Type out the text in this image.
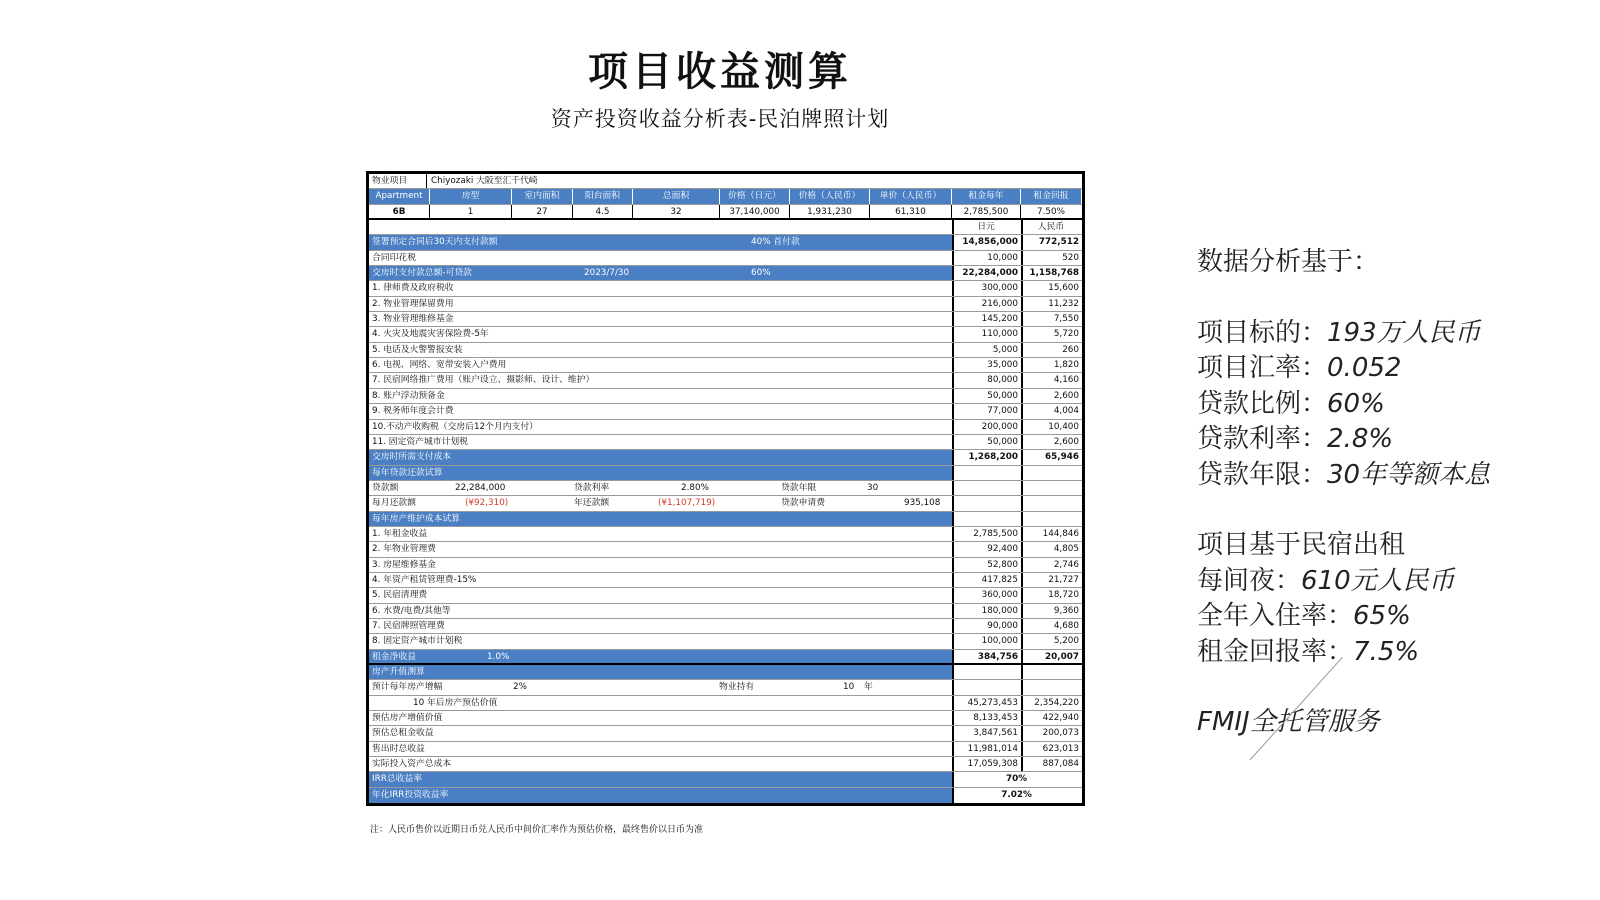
项目收益测算
资产投资收益分析表-民泊牌照计划
物业项目	Chiyozaki 大阪至汇千代崎
Apartment	房型	室内面积	阳台面积	总面积	价格（日元）	价格（人民币）	单价（人民币）	租金每年	租金回报
6B	1	27	4.5	32	37,140,000	1,931,230	61,310	2,785,500	7.50%
日元	人民币
签署预定合同后30天内支付款额	40% 首付款	14,856,000	772,512
合同印花税	10,000	520
交房时支付款总额-可贷款	2023/7/30	60%	22,284,000	1,158,768
1. 律师费及政府税收	300,000	15,600
2. 物业管理保留费用	216,000	11,232
3. 物业管理维修基金	145,200	7,550
4. 火灾及地震灾害保险费-5年	110,000	5,720
5. 电话及火警警报安装	5,000	260
6. 电视、网络、宽带安装入户费用	35,000	1,820
7. 民宿网络推广费用（账户设立、摄影师、设计、维护）	80,000	4,160
8. 账户浮动预备金	50,000	2,600
9. 税务师年度会计费	77,000	4,004
10.不动产收购税（交房后12个月内支付）	200,000	10,400
11. 固定资产城市计划税	50,000	2,600
交房时所需支付成本	1,268,200	65,946
每年贷款还款试算
贷款额	22,284,000	贷款利率	2.80%	贷款年限	30
每月还款额	(¥92,310)	年还款额	(¥1,107,719)	贷款申请费	935,108
每年房产维护成本试算
1. 年租金收益	2,785,500	144,846
2. 年物业管理费	92,400	4,805
3. 房屋维修基金	52,800	2,746
4. 年资产租赁管理费-15%	417,825	21,727
5. 民宿清理费	360,000	18,720
6. 水费/电费/其他等	180,000	9,360
7. 民宿牌照管理费	90,000	4,680
8. 固定资产城市计划税	100,000	5,200
租金净收益	1.0%	384,756	20,007
房产升值测算
预计每年房产增幅	2%	物业持有	10 年
10 年后房产预估价值	45,273,453	2,354,220
预估房产增值价值	8,133,453	422,940
预估总租金收益	3,847,561	200,073
售出时总收益	11,981,014	623,013
实际投入资产总成本	17,059,308	887,084
IRR总收益率	70%
年化IRR投资收益率	7.02%
注：人民币售价以近期日币兑人民币中间价汇率作为预估价格，最终售价以日币为准
数据分析基于：
项目标的：193万人民币
项目汇率：0.052
贷款比例：60%
贷款利率：2.8%
贷款年限：30年等额本息
项目基于民宿出租
每间夜：610元人民币
全年入住率：65%
租金回报率：7.5%
FMIJ全托管服务
